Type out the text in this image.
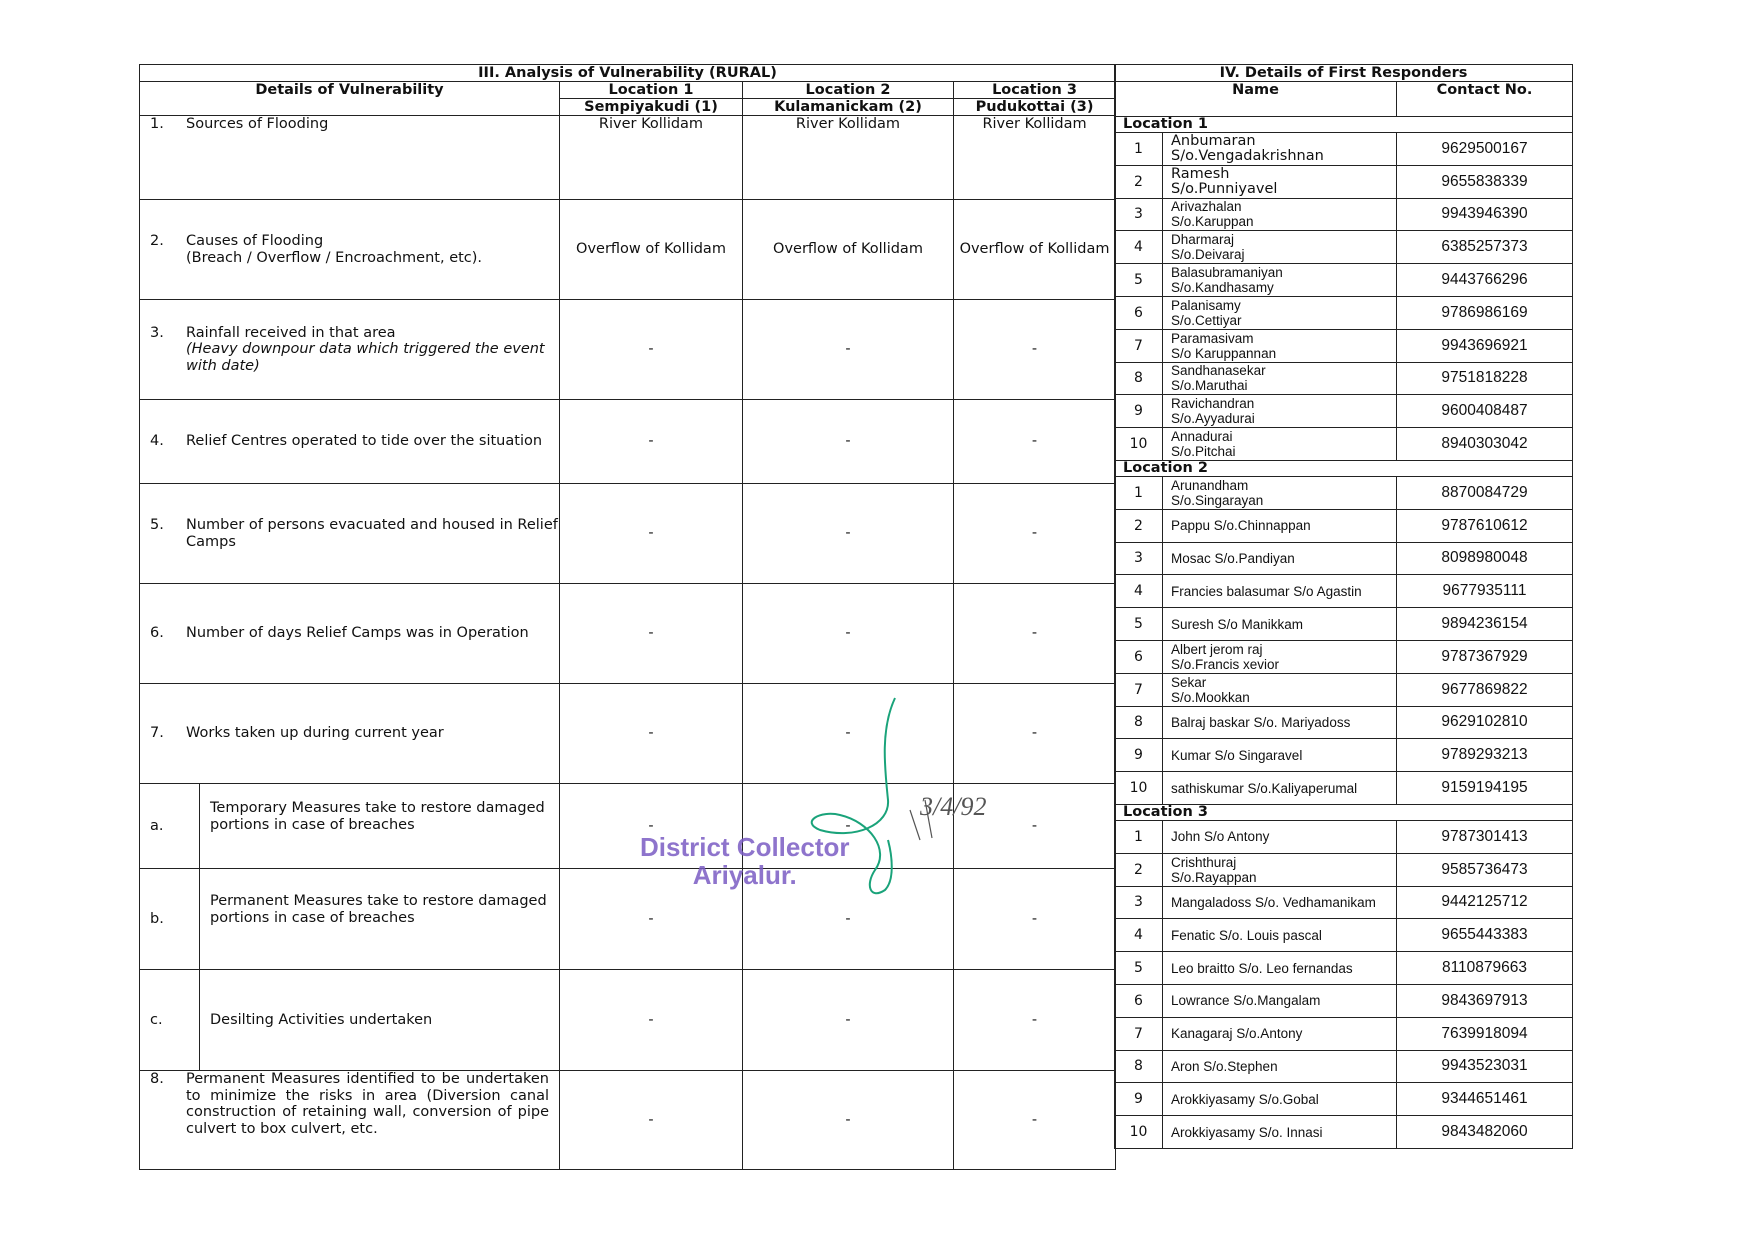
III. Analysis of Vulnerability (RURAL)			
Details of Vulnerability	Location 1	Location 2	Location 3
	Sempiyakudi (1)	Kulamanickam (2)	Pudukottai (3)

1. Sources of Flooding	River Kollidam	River Kollidam	River Kollidam

2. Causes of Flooding
(Breach / Overflow / Encroachment, etc).	Overflow of Kollidam	Overflow of Kollidam	Overflow of Kollidam

3. Rainfall received in that area
(Heavy downpour data which triggered the event with date)	-	-	-

4. Relief Centres operated to tide over the situation	-	-	-

5. Number of persons evacuated and housed in Relief Camps	-	-	-

6. Number of days Relief Camps was in Operation	-	-	-

7. Works taken up during current year	-	-	-

a.
Temporary Measures take to restore damaged portions in case of breaches	-	-	-

b.
Permanent Measures take to restore damaged portions in case of breaches	-	-	-

c. Desilting Activities undertaken	-	-	-

8. Permanent Measures identified to be undertaken to minimize the risks in area (Diversion canal construction of retaining wall, conversion of pipe culvert to box culvert, etc.	-	-	-
IV. Details of First Responders		
Name		Contact No.
Location 1		
1	Anbumaran
S/o.Vengadakrishnan	9629500167
2	Ramesh
S/o.Punniyavel	9655838339
3	Arivazhalan
S/o.Karuppan	9943946390
4	Dharmaraj
S/o.Deivaraj	6385257373
5	Balasubramaniyan
S/o.Kandhasamy	9443766296
6	Palanisamy
S/o.Cettiyar	9786986169
7	Paramasivam
S/o Karuppannan	9943696921
8	Sandhanasekar
S/o.Maruthai	9751818228
9	Ravichandran
S/o.Ayyadurai	9600408487
10	Annadurai
S/o.Pitchai	8940303042
Location 2		
1	Arunandham
S/o.Singarayan	8870084729
2	Pappu S/o.Chinnappan	9787610612
3	Mosac S/o.Pandiyan	8098980048
4	Francies balasumar S/o Agastin	9677935111
5	Suresh S/o Manikkam	9894236154
6	Albert jerom raj
S/o.Francis xevior	9787367929
7	Sekar
S/o.Mookkan	9677869822
8	Balraj baskar S/o. Mariyadoss	9629102810
9	Kumar S/o Singaravel	9789293213
10	sathiskumar S/o.Kaliyaperumal	9159194195
Location 3		
1	John S/o Antony	9787301413
2	Crishthuraj
S/o.Rayappan	9585736473
3	Mangaladoss S/o. Vedhamanikam	9442125712
4	Fenatic S/o. Louis pascal	9655443383
5	Leo braitto S/o. Leo fernandas	8110879663
6	Lowrance S/o.Mangalam	9843697913
7	Kanagaraj S/o.Antony	7639918094
8	Aron S/o.Stephen	9943523031
9	Arokkiyasamy S/o.Gobal	9344651461
10	Arokkiyasamy S/o. Innasi	9843482060
District Collector
Ariyalur.
3/4/92
